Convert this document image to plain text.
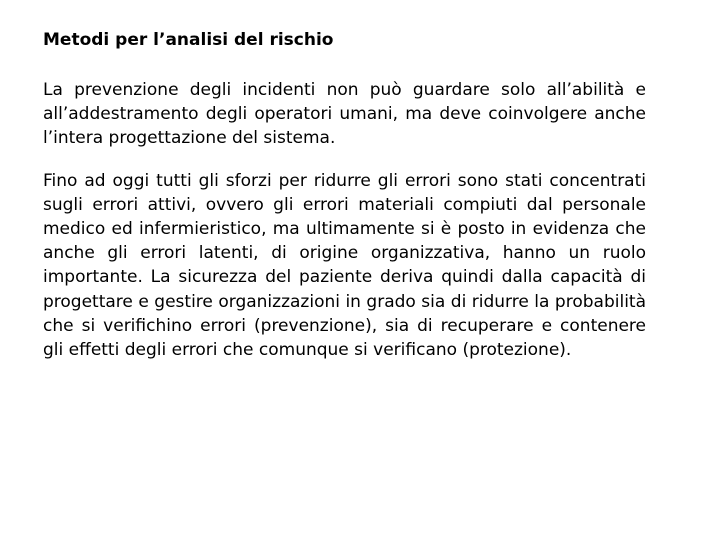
Metodi per l’analisi del rischio

La prevenzione degli incidenti non può guardare solo all’abilità e all’addestramento degli operatori umani, ma deve coinvolgere anche l’intera progettazione del sistema.

Fino ad oggi tutti gli sforzi per ridurre gli errori sono stati concentrati sugli errori attivi, ovvero gli errori materiali compiuti dal personale medico ed infermieristico, ma ultimamente si è posto in evidenza che anche gli errori latenti, di origine organizzativa, hanno un ruolo importante. La sicurezza del paziente deriva quindi dalla capacità di progettare e gestire organizzazioni in grado sia di ridurre la probabilità che si verifichino errori (prevenzione), sia di recuperare e contenere gli effetti degli errori che comunque si verificano (protezione).
